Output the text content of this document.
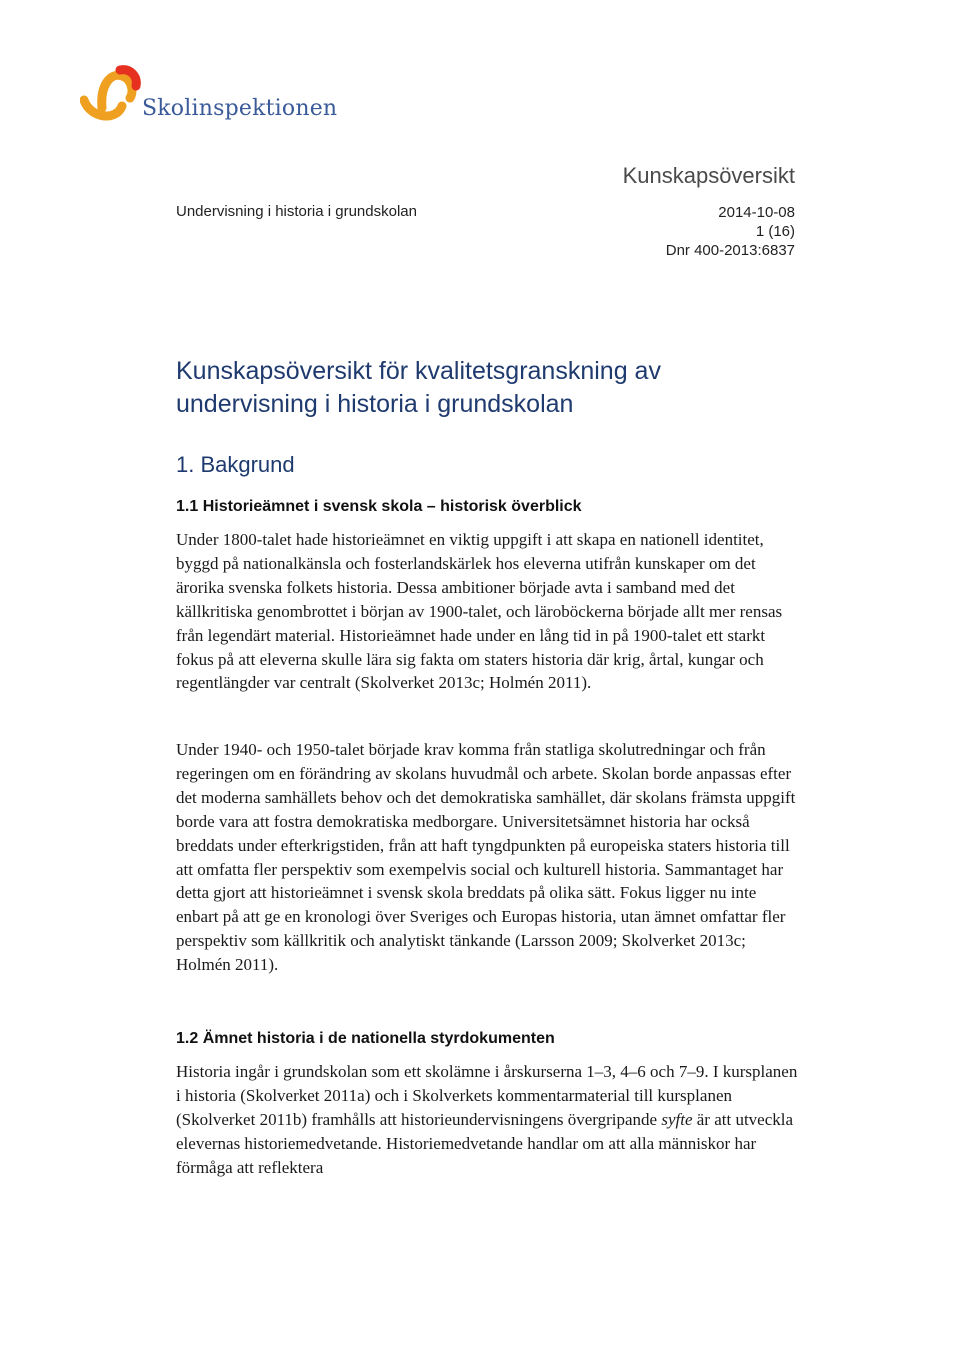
Skolinspektionen
Kunskapsöversikt
Undervisning i historia i grundskolan	2014-10-08
1 (16)
Dnr 400-2013:6837
Kunskapsöversikt för kvalitetsgranskning av undervisning i historia i grundskolan
1. Bakgrund
1.1 Historieämnet i svensk skola – historisk överblick

Under 1800-talet hade historieämnet en viktig uppgift i att skapa en nationell identitet, byggd på nationalkänsla och fosterlandskärlek hos eleverna utifrån kunskaper om det ärorika svenska folkets historia. Dessa ambitioner började avta i samband med det källkritiska genombrottet i början av 1900-talet, och läroböckerna började allt mer rensas från legendärt material. Historieämnet hade under en lång tid in på 1900-talet ett starkt fokus på att eleverna skulle lära sig fakta om staters historia där krig, årtal, kungar och regentlängder var centralt (Skolverket 2013c; Holmén 2011).

Under 1940- och 1950-talet började krav komma från statliga skolutredningar och från regeringen om en förändring av skolans huvudmål och arbete. Skolan borde anpassas efter det moderna samhällets behov och det demokratiska samhället, där skolans främsta uppgift borde vara att fostra demokratiska medborgare. Universitetsämnet historia har också breddats under efterkrigstiden, från att haft tyngdpunkten på europeiska staters historia till att omfatta fler perspektiv som exempelvis social och kulturell historia. Sammantaget har detta gjort att historieämnet i svensk skola breddats på olika sätt. Fokus ligger nu inte enbart på att ge en kronologi över Sveriges och Europas historia, utan ämnet omfattar fler perspektiv som källkritik och analytiskt tänkande (Larsson 2009; Skolverket 2013c; Holmén 2011).

1.2 Ämnet historia i de nationella styrdokumenten

Historia ingår i grundskolan som ett skolämne i årskurserna 1–3, 4–6 och 7–9. I kursplanen i historia (Skolverket 2011a) och i Skolverkets kommentarmaterial till kursplanen (Skolverket 2011b) framhålls att historieundervisningens övergripande syfte är att utveckla elevernas historiemedvetande. Historiemedvetande handlar om att alla människor har förmåga att reflektera
